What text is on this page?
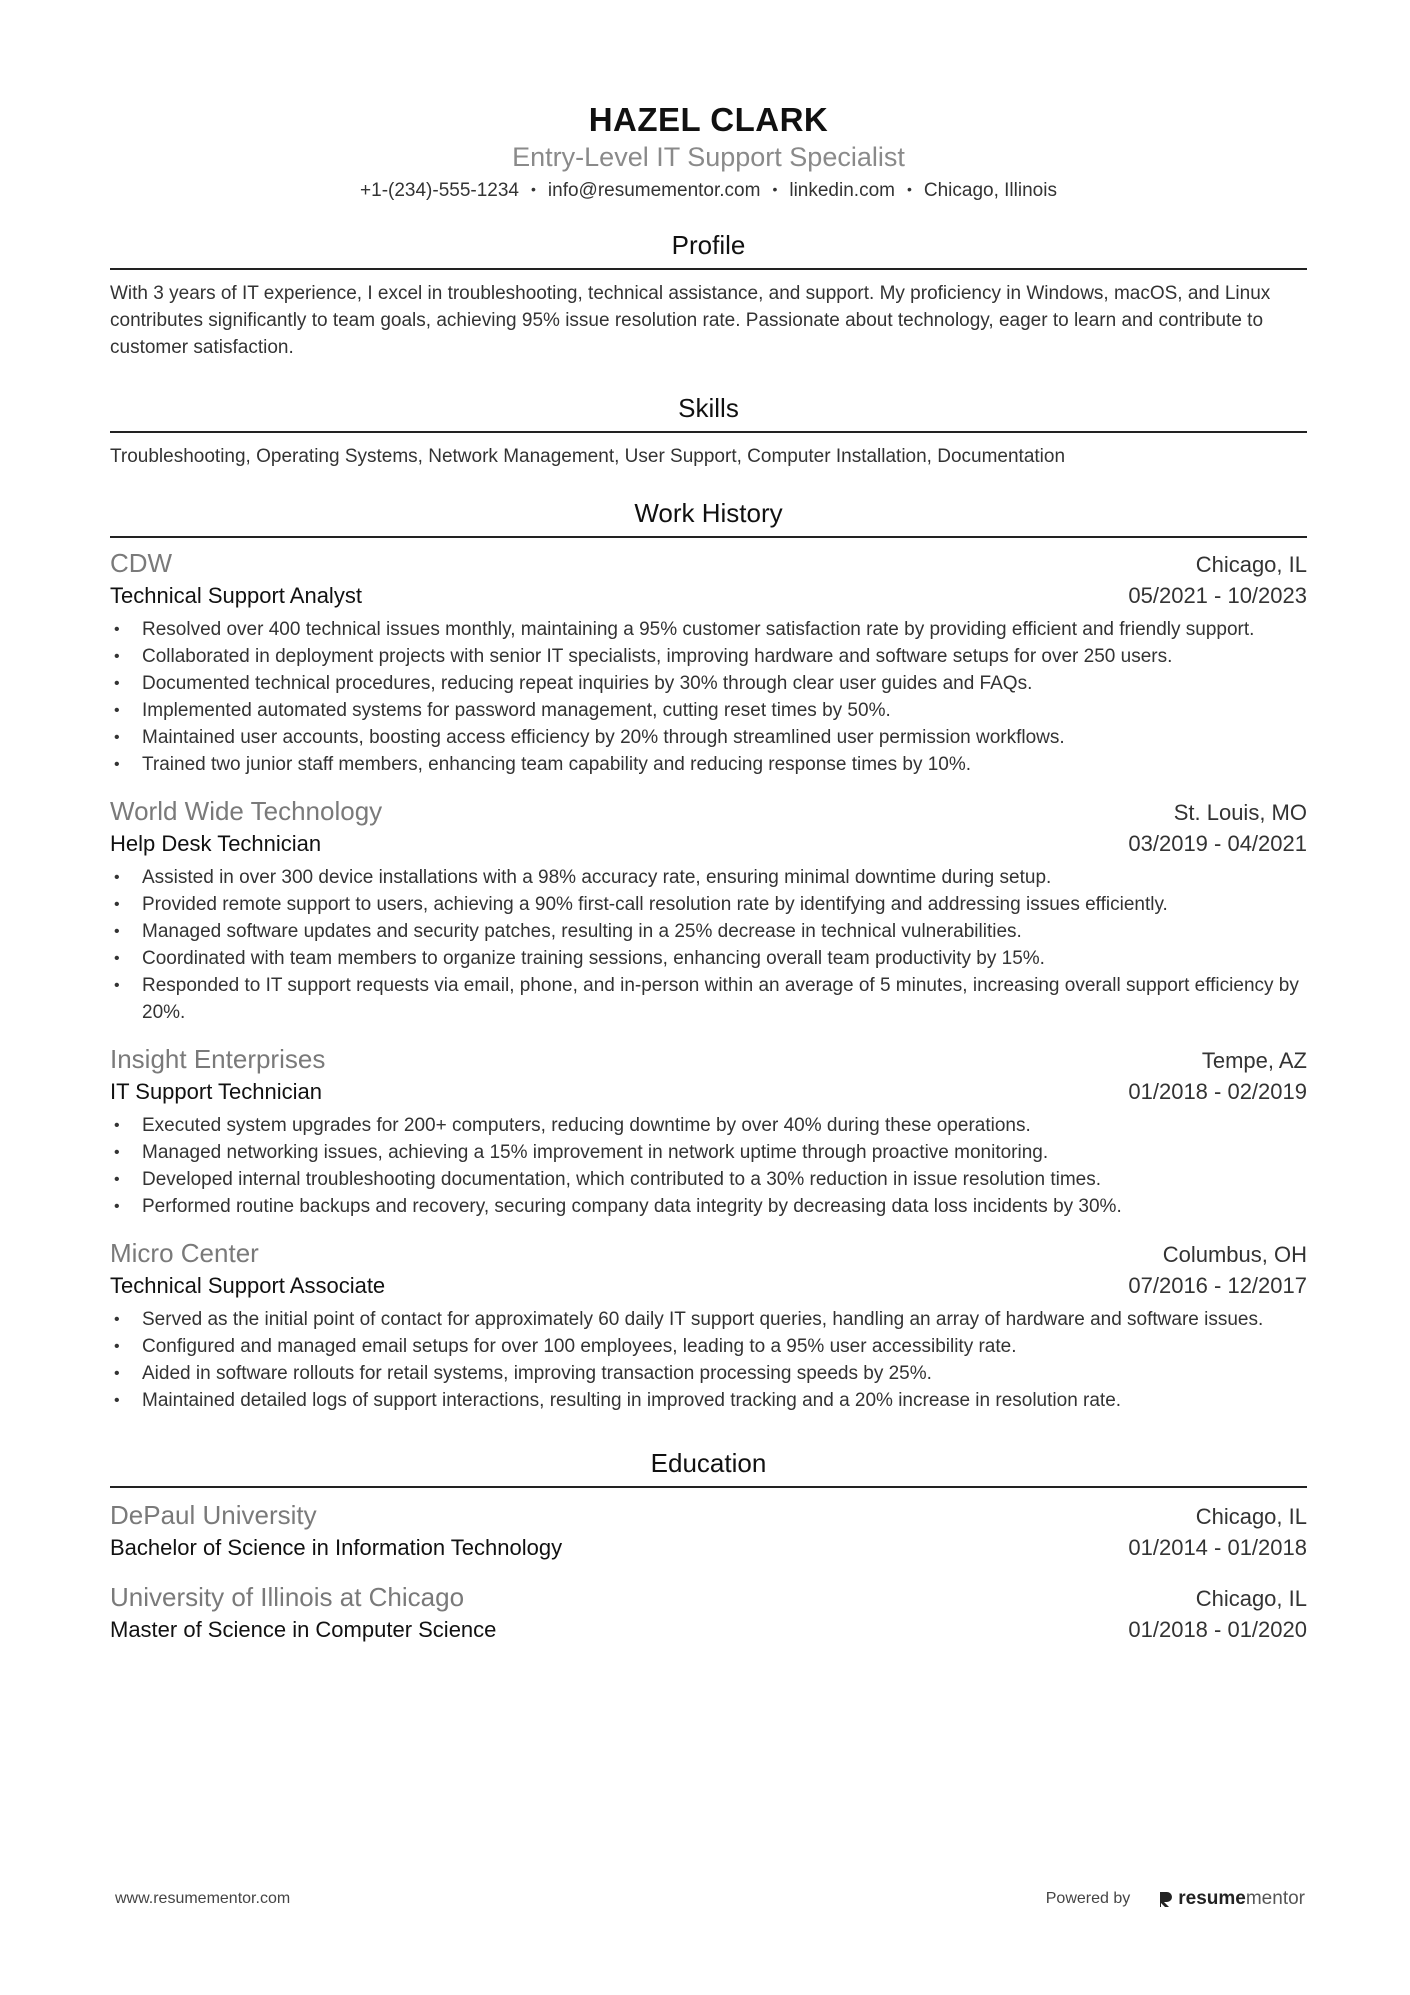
HAZEL CLARK
Entry-Level IT Support Specialist
+1-(234)-555-1234 • info@resumementor.com • linkedin.com • Chicago, Illinois
Profile
With 3 years of IT experience, I excel in troubleshooting, technical assistance, and support. My proficiency in Windows, macOS, and Linux contributes significantly to team goals, achieving 95% issue resolution rate. Passionate about technology, eager to learn and contribute to customer satisfaction.
Skills
Troubleshooting, Operating Systems, Network Management, User Support, Computer Installation, Documentation
Work History
CDW	Chicago, IL
Technical Support Analyst	05/2021 - 10/2023
• Resolved over 400 technical issues monthly, maintaining a 95% customer satisfaction rate by providing efficient and friendly support.
• Collaborated in deployment projects with senior IT specialists, improving hardware and software setups for over 250 users.
• Documented technical procedures, reducing repeat inquiries by 30% through clear user guides and FAQs.
• Implemented automated systems for password management, cutting reset times by 50%.
• Maintained user accounts, boosting access efficiency by 20% through streamlined user permission workflows.
• Trained two junior staff members, enhancing team capability and reducing response times by 10%.
World Wide Technology	St. Louis, MO
Help Desk Technician	03/2019 - 04/2021
• Assisted in over 300 device installations with a 98% accuracy rate, ensuring minimal downtime during setup.
• Provided remote support to users, achieving a 90% first-call resolution rate by identifying and addressing issues efficiently.
• Managed software updates and security patches, resulting in a 25% decrease in technical vulnerabilities.
• Coordinated with team members to organize training sessions, enhancing overall team productivity by 15%.
• Responded to IT support requests via email, phone, and in-person within an average of 5 minutes, increasing overall support efficiency by 20%.
Insight Enterprises	Tempe, AZ
IT Support Technician	01/2018 - 02/2019
• Executed system upgrades for 200+ computers, reducing downtime by over 40% during these operations.
• Managed networking issues, achieving a 15% improvement in network uptime through proactive monitoring.
• Developed internal troubleshooting documentation, which contributed to a 30% reduction in issue resolution times.
• Performed routine backups and recovery, securing company data integrity by decreasing data loss incidents by 30%.
Micro Center	Columbus, OH
Technical Support Associate	07/2016 - 12/2017
• Served as the initial point of contact for approximately 60 daily IT support queries, handling an array of hardware and software issues.
• Configured and managed email setups for over 100 employees, leading to a 95% user accessibility rate.
• Aided in software rollouts for retail systems, improving transaction processing speeds by 25%.
• Maintained detailed logs of support interactions, resulting in improved tracking and a 20% increase in resolution rate.
Education
DePaul University	Chicago, IL
Bachelor of Science in Information Technology	01/2014 - 01/2018
University of Illinois at Chicago	Chicago, IL
Master of Science in Computer Science	01/2018 - 01/2020
www.resumementor.com	Powered by	resume mentor
